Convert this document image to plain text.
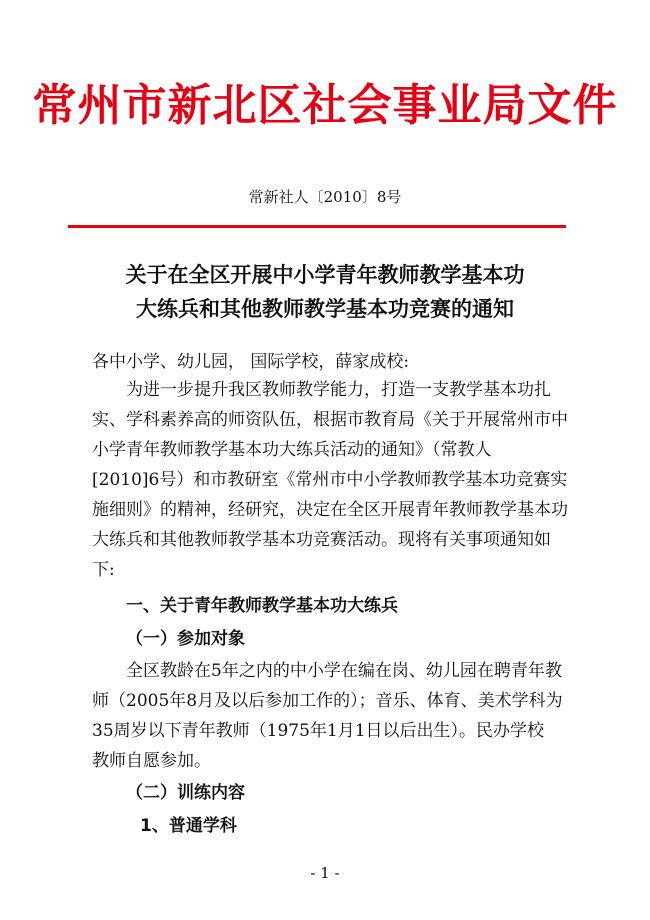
常州市新北区社会事业局文件
常新社人〔2010〕8号
关于在全区开展中小学青年教师教学基本功
大练兵和其他教师教学基本功竞赛的通知
各中小学、幼儿园， 国际学校，薛家成校:
为进一步提升我区教师教学能力，打造一支教学基本功扎
实、学科素养高的师资队伍，根据市教育局《关于开展常州市中
小学青年教师教学基本功大练兵活动的通知》（常教人
[2010]6号）和市教研室《常州市中小学教师教学基本功竞赛实
施细则》的精神，经研究，决定在全区开展青年教师教学基本功
大练兵和其他教师教学基本功竞赛活动。现将有关事项通知如
下:
一、关于青年教师教学基本功大练兵
（一）参加对象
全区教龄在5年之内的中小学在编在岗、幼儿园在聘青年教
师（2005年8月及以后参加工作的）；音乐、体育、美术学科为
35周岁以下青年教师（1975年1月1日以后出生）。民办学校
教师自愿参加。
（二）训练内容
1、普通学科
- 1 -
